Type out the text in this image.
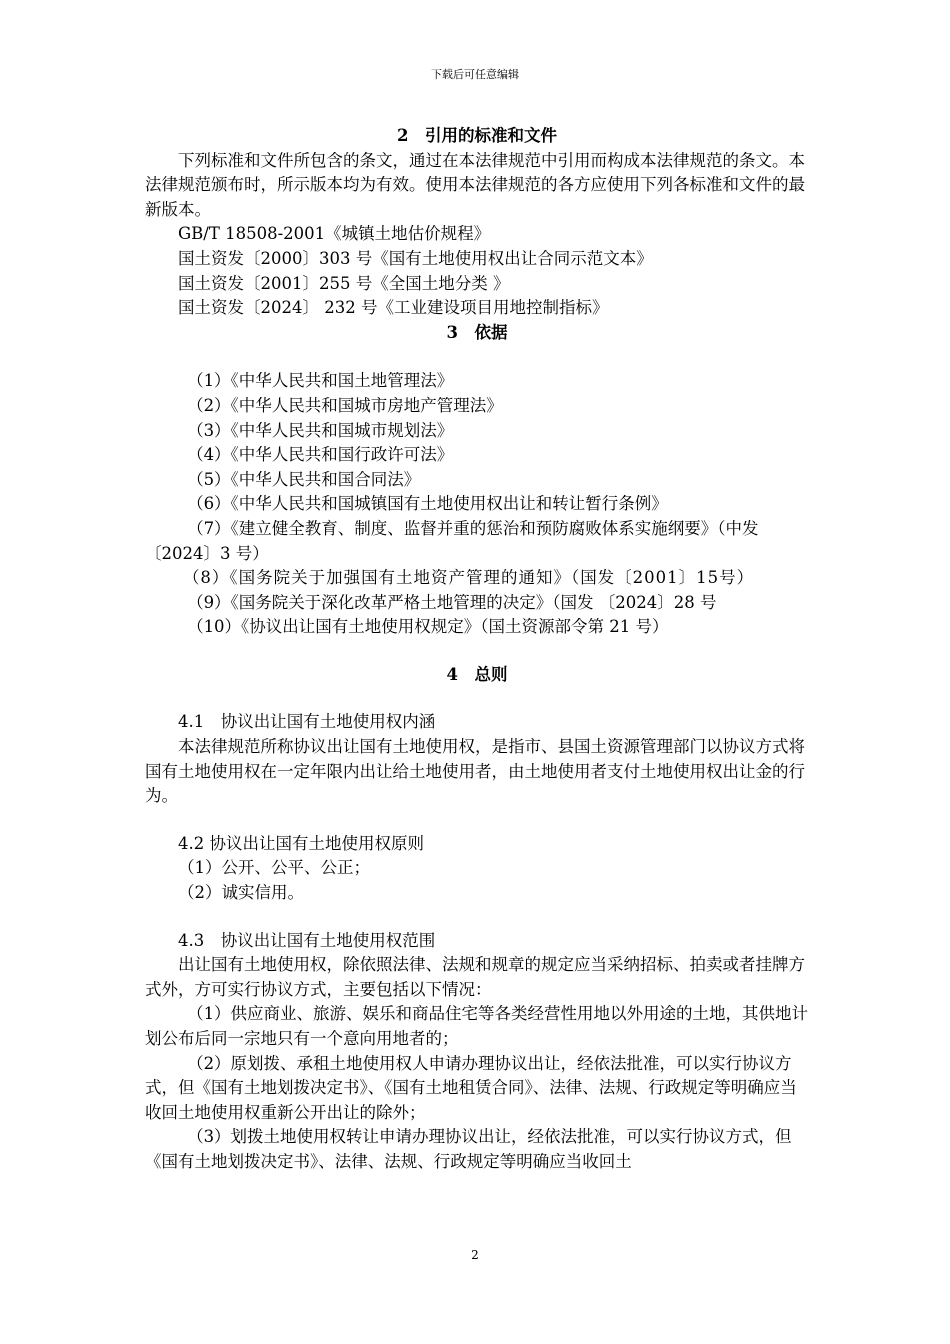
下载后可任意编辑

2　引用的标准和文件

下列标准和文件所包含的条文，通过在本法律规范中引用而构成本法律规范的条文。本法律规范颁布时，所示版本均为有效。使用本法律规范的各方应使用下列各标准和文件的最新版本。

GB/T 18508-2001《城镇土地估价规程》

国土资发〔2000〕303 号《国有土地使用权出让合同示范文本》

国土资发〔2001〕255 号《全国土地分类 》

国土资发〔2024〕 232 号《工业建设项目用地控制指标》

3　依据

（1）《中华人民共和国土地管理法》

（2）《中华人民共和国城市房地产管理法》

（3）《中华人民共和国城市规划法》

（4）《中华人民共和国行政许可法》

（5）《中华人民共和国合同法》

（6）《中华人民共和国城镇国有土地使用权出让和转让暂行条例》

（7）《建立健全教育、制度、监督并重的惩治和预防腐败体系实施纲要》（中发〔2024〕3 号）

（8）《国务院关于加强国有土地资产管理的通知》（国发〔2001〕15号）

（9）《国务院关于深化改革严格土地管理的决定》（国发 〔2024〕28 号

（10）《协议出让国有土地使用权规定》（国土资源部令第 21 号）

4　总则

4.1　协议出让国有土地使用权内涵

本法律规范所称协议出让国有土地使用权，是指市、县国土资源管理部门以协议方式将国有土地使用权在一定年限内出让给土地使用者，由土地使用者支付土地使用权出让金的行为。

4.2 协议出让国有土地使用权原则

（1）公开、公平、公正；

（2）诚实信用。

4.3　协议出让国有土地使用权范围

出让国有土地使用权，除依照法律、法规和规章的规定应当采纳招标、拍卖或者挂牌方式外，方可实行协议方式，主要包括以下情况：

（1）供应商业、旅游、娱乐和商品住宅等各类经营性用地以外用途的土地，其供地计划公布后同一宗地只有一个意向用地者的；

（2）原划拨、承租土地使用权人申请办理协议出让，经依法批准，可以实行协议方式，但《国有土地划拨决定书》、《国有土地租赁合同》、法律、法规、行政规定等明确应当收回土地使用权重新公开出让的除外；

（3）划拨土地使用权转让申请办理协议出让，经依法批准，可以实行协议方式，但《国有土地划拨决定书》、法律、法规、行政规定等明确应当收回土

2
